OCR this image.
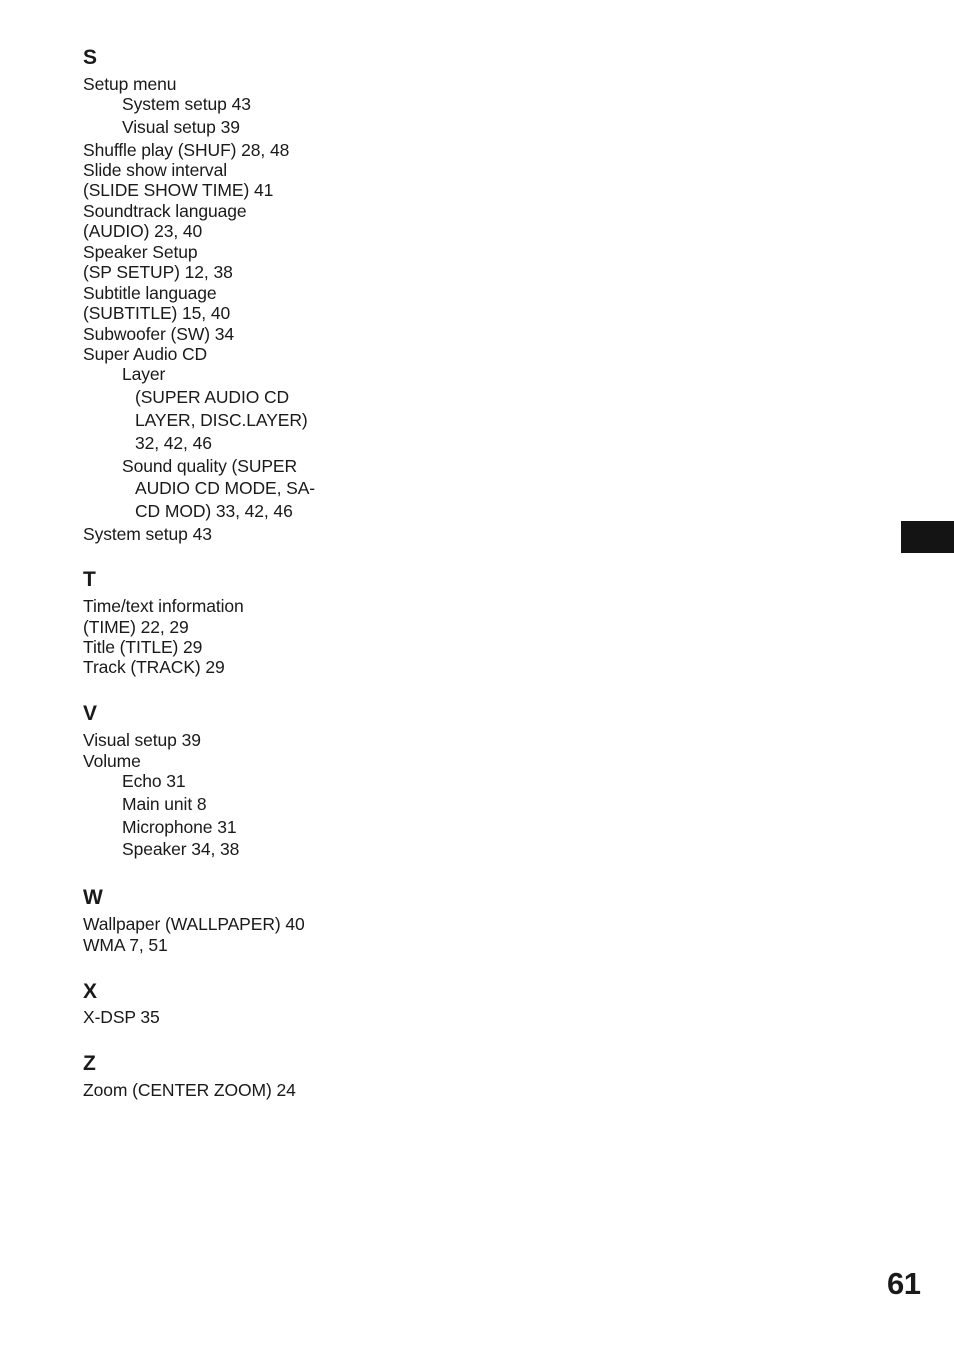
S
Setup menu
System setup 43
Visual setup 39
Shuffle play (SHUF) 28, 48
Slide show interval
(SLIDE SHOW TIME) 41
Soundtrack language
(AUDIO) 23, 40
Speaker Setup
(SP SETUP) 12, 38
Subtitle language
(SUBTITLE) 15, 40
Subwoofer (SW) 34
Super Audio CD
Layer
(SUPER AUDIO CD
LAYER, DISC.LAYER)
32, 42, 46
Sound quality (SUPER
AUDIO CD MODE, SA-
CD MOD) 33, 42, 46
System setup 43
T
Time/text information
(TIME) 22, 29
Title (TITLE) 29
Track (TRACK) 29
V
Visual setup 39
Volume
Echo 31
Main unit 8
Microphone 31
Speaker 34, 38
W
Wallpaper (WALLPAPER) 40
WMA 7, 51
X
X-DSP 35
Z
Zoom (CENTER ZOOM) 24
61
